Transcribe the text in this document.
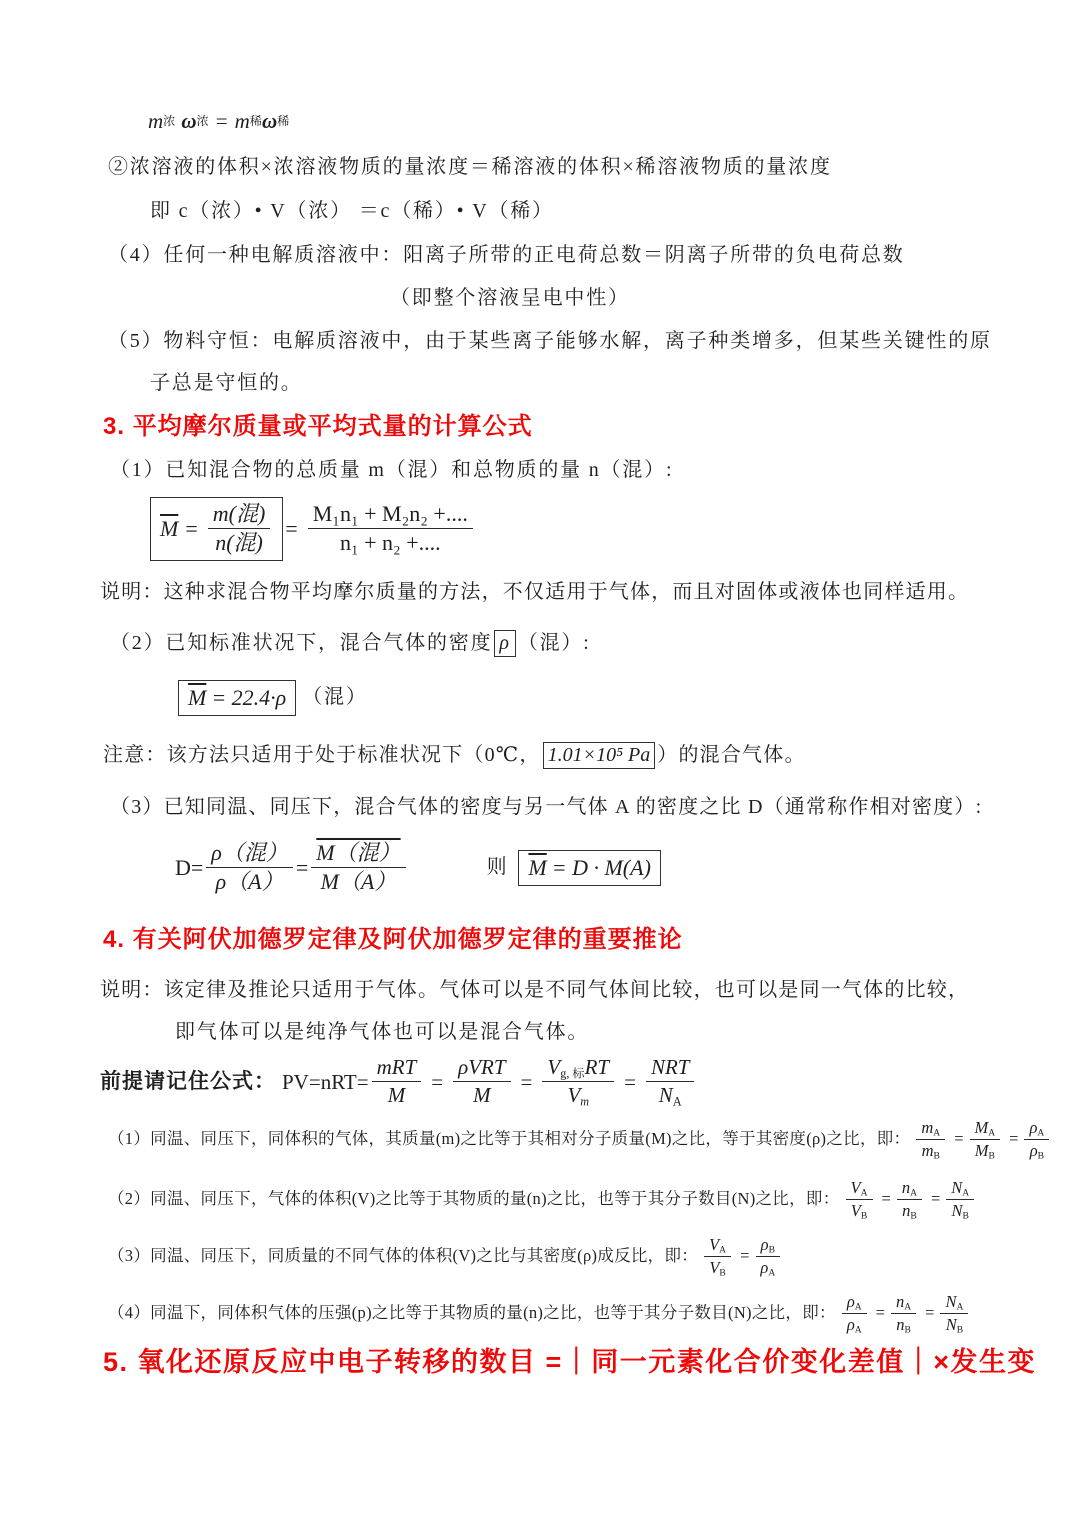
m 浓 ω 浓 = m 稀 ω 稀
②浓溶液的体积×浓溶液物质的量浓度＝稀溶液的体积×稀溶液物质的量浓度
即 c（浓）• V（浓） ＝c（稀）• V（稀）
（4）任何一种电解质溶液中：阳离子所带的正电荷总数＝阴离子所带的负电荷总数
（即整个溶液呈电中性）
（5）物料守恒：电解质溶液中，由于某些离子能够水解，离子种类增多，但某些关键性的原
子总是守恒的。
3. 平均摩尔质量或平均式量的计算公式
（1）已知混合物的总质量 m（混）和总物质的量 n（混）:
$\overline{M} = \frac{\text{m(混)}}{\text{n(混)}} = \frac{\text{M₁n₁ + M₂n₂ +....}}{\text{n₁ + n₂ +....}}$
说明：这种求混合物平均摩尔质量的方法，不仅适用于气体，而且对固体或液体也同样适用。
（2）已知标准状况下，混合气体的密度 ρ （混）:
$\overline{M} = 22.4\cdot\rho$ （混）
注意：该方法只适用于处于标准状况下（0℃， 1.01×10⁵ Pa ）的混合气体。
（3）已知同温、同压下，混合气体的密度与另一气体 A 的密度之比 D（通常称作相对密度）:
$D= \frac{\text{ρ（混）}}{\rho(A)} = \frac{\text{M（混）}}{M(A)}$	则 $\overline{M} = D \cdot M(A)$
4. 有关阿伏加德罗定律及阿伏加德罗定律的重要推论
说明：该定律及推论只适用于气体。气体可以是不同气体间比较，也可以是同一气体的比较，
即气体可以是纯净气体也可以是混合气体。
前提请记住公式： $PV=nRT= \frac{\text{mRT}}{M} = \frac{\text{ρVRT}}{M} = \frac{V_{g, 标}RT}{V_m} = \frac{\text{NRT}}{N_A}$
（1）同温、同压下，同体积的气体，其质量(m)之比等于其相对分子质量(M)之比，等于其密度(ρ)之比，即： $\frac{m_A}{m_B} = \frac{M_A}{M_B} = \frac{\rho_A}{\rho_B}$
（2）同温、同压下，气体的体积(V)之比等于其物质的量(n)之比，也等于其分子数目(N)之比，即： $\frac{V_A}{V_B} = \frac{n_A}{n_B} = \frac{N_A}{N_B}$
（3）同温、同压下，同质量的不同气体的体积(V)之比与其密度(ρ)成反比，即： $\frac{V_A}{V_B} = \frac{\rho_B}{\rho_A}$
（4）同温下，同体积气体的压强(p)之比等于其物质的量(n)之比，也等于其分子数目(N)之比，即： $\frac{\rho_A}{\rho_A} = \frac{n_A}{n_B} = \frac{N_A}{N_B}$
5. 氧化还原反应中电子转移的数目 =｜同一元素化合价变化差值｜×发生变
